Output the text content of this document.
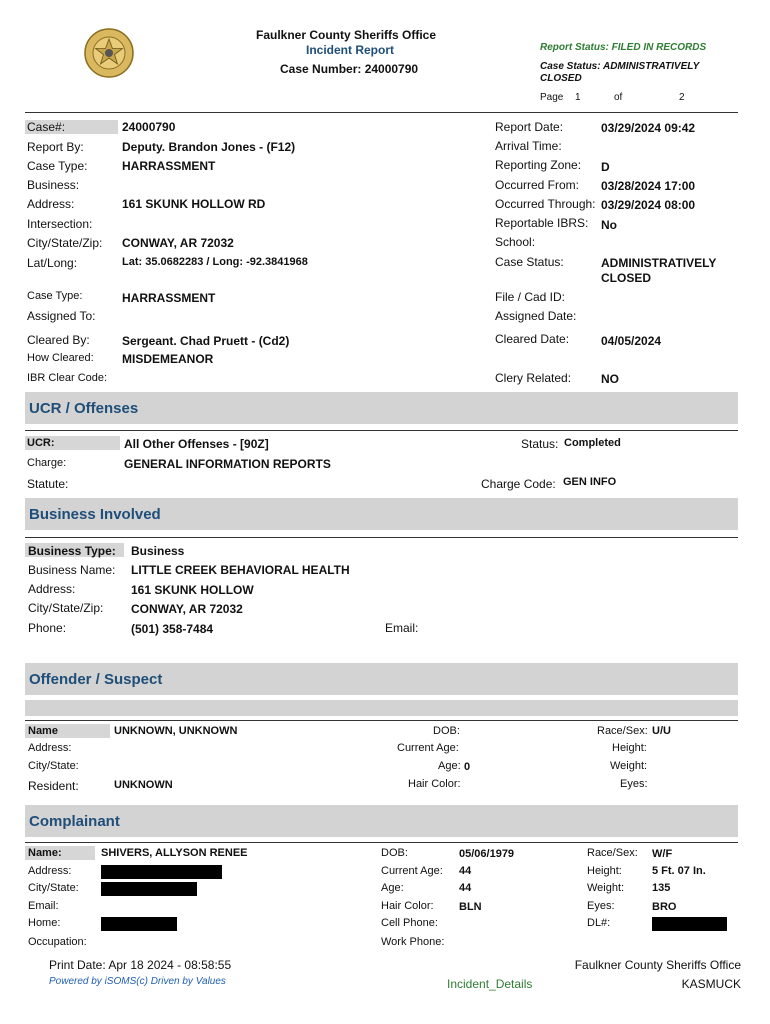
Faulkner County Sheriffs Office
Incident Report
Case Number: 24000790
Report Status: FILED IN RECORDS
Case Status: ADMINISTRATIVELY
CLOSED
Page 1	of	2
Case#:	24000790
Report By:	Deputy. Brandon Jones - (F12)
Case Type:	HARRASSMENT
Business:
Address:	161 SKUNK HOLLOW RD
Intersection:
City/State/Zip: CONWAY, AR 72032
Lat/Long:	Lat: 35.0682283 / Long: -92.3841968
Report Date:	03/29/2024 09:42
Arrival Time:
Reporting Zone: D
Occurred From: 03/28/2024 17:00
Occurred Through: 03/29/2024 08:00
Reportable IBRS: No
School:
Case Status:	ADMINISTRATIVELY
CLOSED
Case Type:	HARRASSMENT
Assigned To:
File / Cad ID:
Assigned Date:
Cleared By:	Sergeant. Chad Pruett - (Cd2)
How Cleared: MISDEMEANOR
IBR Clear Code:
Cleared Date:	04/05/2024
Clery Related: NO
UCR / Offenses
UCR:	All Other Offenses - [90Z]
Charge:	GENERAL INFORMATION REPORTS
Statute:
Status: Completed
Charge Code: GEN INFO
Business Involved
Business Type: Business
Business Name: LITTLE CREEK BEHAVIORAL HEALTH
Address:	161 SKUNK HOLLOW
City/State/Zip: CONWAY, AR 72032
Phone:	(501) 358-7484	Email:
Offender / Suspect
Name	UNKNOWN, UNKNOWN
Address:
City/State:
Resident:	UNKNOWN
DOB:
Current Age:
Age: 0
Hair Color:
Race/Sex: U/U
Height:
Weight:
Eyes:
Complainant
Name:	SHIVERS, ALLYSON RENEE
Address:
City/State:
Email:
Home:
Occupation:
DOB:	05/06/1979
Current Age: 44
Age:	44
Hair Color: BLN
Cell Phone:
Work Phone:
Race/Sex: W/F
Height:	5 Ft. 07 In.
Weight:	135
Eyes:	BRO
DL#:
Print Date: Apr 18 2024 - 08:58:55
Powered by iSOMS(c) Driven by Values	Incident_Details
Faulkner County Sheriffs Office
KASMUCK
